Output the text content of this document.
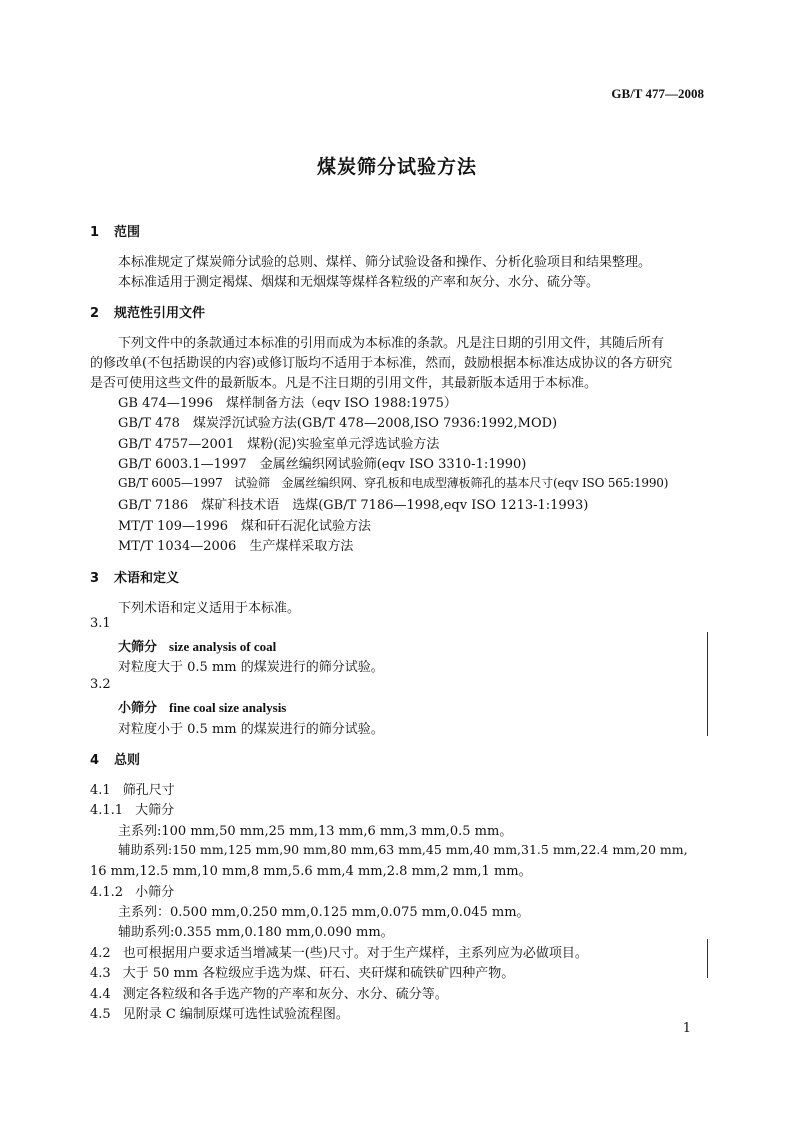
GB/T 477—2008
煤炭筛分试验方法
1 范围
本标准规定了煤炭筛分试验的总则、煤样、筛分试验设备和操作、分析化验项目和结果整理。
本标准适用于测定褐煤、烟煤和无烟煤等煤样各粒级的产率和灰分、水分、硫分等。
2 规范性引用文件
下列文件中的条款通过本标准的引用而成为本标准的条款。凡是注日期的引用文件，其随后所有
的修改单(不包括勘误的内容)或修订版均不适用于本标准，然而，鼓励根据本标准达成协议的各方研究
是否可使用这些文件的最新版本。凡是不注日期的引用文件，其最新版本适用于本标准。
GB 474—1996　煤样制备方法（eqv ISO 1988:1975）
GB/T 478　煤炭浮沉试验方法(GB/T 478—2008,ISO 7936:1992,MOD)
GB/T 4757—2001　煤粉(泥)实验室单元浮选试验方法
GB/T 6003.1—1997　金属丝编织网试验筛(eqv ISO 3310-1:1990)
GB/T 6005—1997　试验筛　金属丝编织网、穿孔板和电成型薄板筛孔的基本尺寸(eqv ISO 565:1990)
GB/T 7186　煤矿科技术语　选煤(GB/T 7186—1998,eqv ISO 1213-1:1993)
MT/T 109—1996　煤和矸石泥化试验方法
MT/T 1034—2006　生产煤样采取方法
3 术语和定义
下列术语和定义适用于本标准。
3.1
大筛分 size analysis of coal
对粒度大于 0.5 mm 的煤炭进行的筛分试验。
3.2
小筛分 fine coal size analysis
对粒度小于 0.5 mm 的煤炭进行的筛分试验。
4 总则
4.1 筛孔尺寸
4.1.1 大筛分
主系列:100 mm,50 mm,25 mm,13 mm,6 mm,3 mm,0.5 mm。
辅助系列:150 mm,125 mm,90 mm,80 mm,63 mm,45 mm,40 mm,31.5 mm,22.4 mm,20 mm,
16 mm,12.5 mm,10 mm,8 mm,5.6 mm,4 mm,2.8 mm,2 mm,1 mm。
4.1.2 小筛分
主系列：0.500 mm,0.250 mm,0.125 mm,0.075 mm,0.045 mm。
辅助系列:0.355 mm,0.180 mm,0.090 mm。
4.2 也可根据用户要求适当增减某一(些)尺寸。对于生产煤样，主系列应为必做项目。
4.3 大于 50 mm 各粒级应手选为煤、矸石、夹矸煤和硫铁矿四种产物。
4.4 测定各粒级和各手选产物的产率和灰分、水分、硫分等。
4.5 见附录 C 编制原煤可选性试验流程图。
1
